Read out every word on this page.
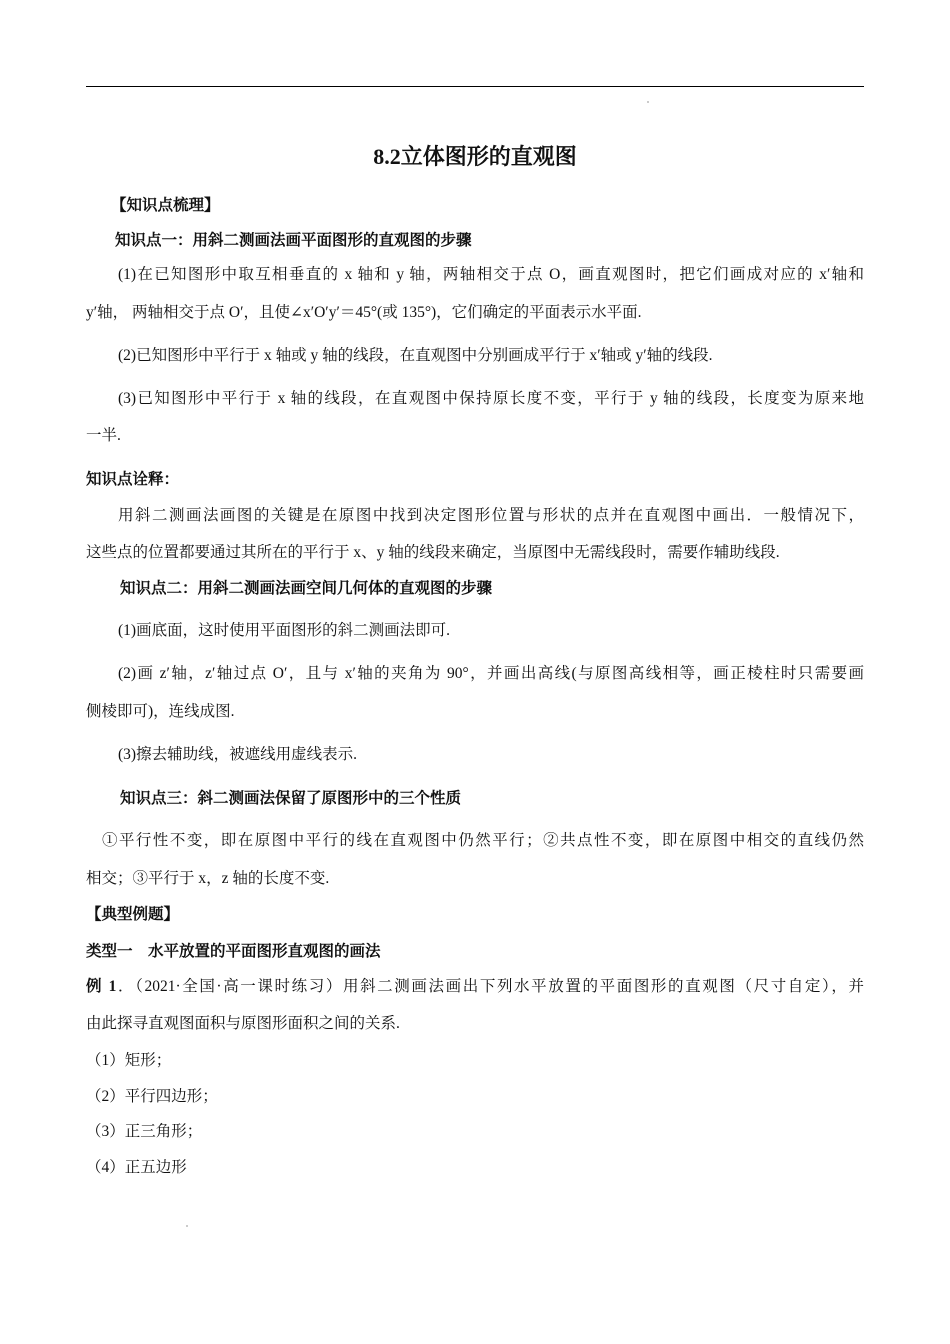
8.2立体图形的直观图
【知识点梳理】
知识点一：用斜二测画法画平面图形的直观图的步骤
(1)在已知图形中取互相垂直的 x 轴和 y 轴，两轴相交于点 O，画直观图时，把它们画成对应的 x′轴和
y′轴， 两轴相交于点 O′，且使∠x′O′y′＝45°(或 135°)，它们确定的平面表示水平面.
(2)已知图形中平行于 x 轴或 y 轴的线段，在直观图中分别画成平行于 x′轴或 y′轴的线段.
(3)已知图形中平行于 x 轴的线段，在直观图中保持原长度不变，平行于 y 轴的线段，长度变为原来地
一半.
知识点诠释：
用斜二测画法画图的关键是在原图中找到决定图形位置与形状的点并在直观图中画出．一般情况下，
这些点的位置都要通过其所在的平行于 x、y 轴的线段来确定，当原图中无需线段时，需要作辅助线段.
知识点二：用斜二测画法画空间几何体的直观图的步骤
(1)画底面，这时使用平面图形的斜二测画法即可.
(2)画 z′轴，z′轴过点 O′，且与 x′轴的夹角为 90°，并画出高线(与原图高线相等，画正棱柱时只需要画
侧棱即可)，连线成图.
(3)擦去辅助线，被遮线用虚线表示.
知识点三：斜二测画法保留了原图形中的三个性质
①平行性不变，即在原图中平行的线在直观图中仍然平行；②共点性不变，即在原图中相交的直线仍然
相交；③平行于 x，z 轴的长度不变.
【典型例题】
类型一　水平放置的平面图形直观图的画法
例 1．（2021·全国·高一课时练习）用斜二测画法画出下列水平放置的平面图形的直观图（尺寸自定），并
由此探寻直观图面积与原图形面积之间的关系.
（1）矩形；
（2）平行四边形；
（3）正三角形；
（4）正五边形
